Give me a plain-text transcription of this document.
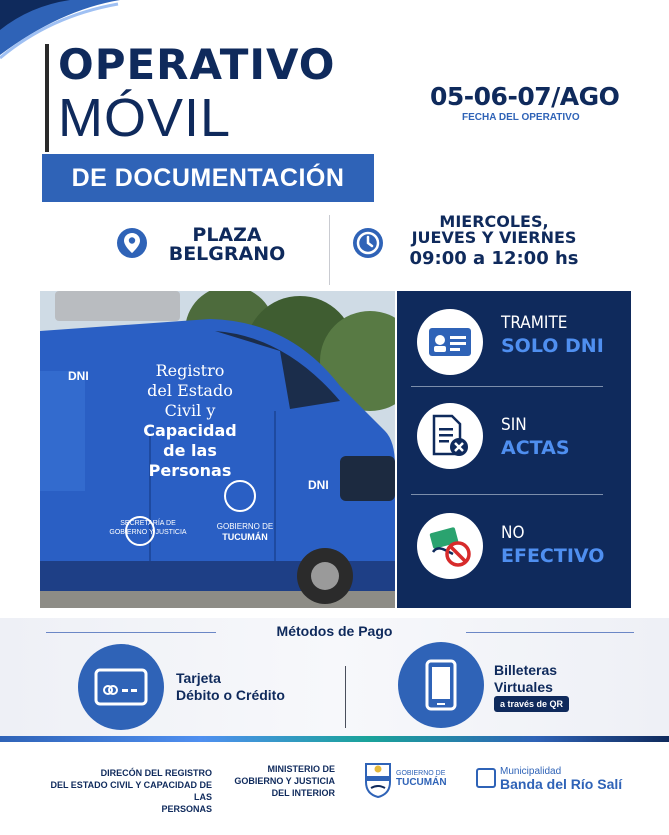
OPERATIVO
MÓVIL
DE DOCUMENTACIÓN
05-06-07/AGO
FECHA DEL OPERATIVO
PLAZA
BELGRANO
MIERCOLES,
JUEVES Y VIERNES
09:00 a 12:00 hs
DNI	Registro
del Estado
Civil y
Capacidad
de las
Personas
SECRETARÍA DE GOBIERNO Y JUSTICIA
GOBIERNO DE
TUCUMÁN
DNI
TRAMITE
SOLO DNI
SIN
ACTAS
NO
EFECTIVO
Métodos de Pago
Tarjeta
Débito o Crédito
Billeteras
Virtuales
a través de QR
DIRECÓN DEL REGISTRO
DEL ESTADO CIVIL Y CAPACIDAD DE LAS
PERSONAS
MINISTERIO DE
GOBIERNO Y JUSTICIA
DEL INTERIOR
GOBIERNO DE
TUCUMÁN
Municipalidad
Banda del Río Salí
